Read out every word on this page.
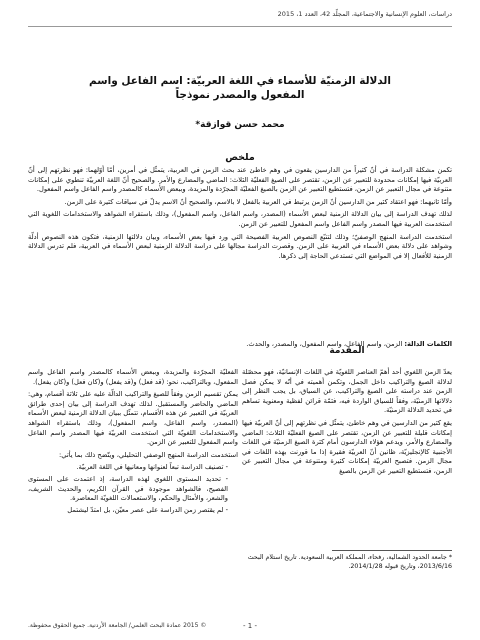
دراسات، العلوم الإنسانية والاجتماعية، المجلّد 42، العدد 1، 2015
الدلالة الزمنيّة للأسماء في اللغة العربيّة: اسم الفاعل واسم المفعول والمصدر نموذجاً
محمد حسن قوازقة*
ملخص

تكمن مشكلة الدراسة في أنّ كثيراً من الدارسين يقعون في وهم خاطئ عند بحث الزمن في العربية، يتمثّل في أمرين، أمّا أوّلهما: فهو نظرتهم إلى أنّ العربيّة فيها إمكانات محدودة للتعبير عن الزمن، تقتصر على الصيغ الفعليّة الثلاث: الماضي والمضارع والأمر. والصحيح أنّ اللغة العربيّة تنطوي على إمكانات متنوعة في مجال التعبير عن الزمن، فتستطيع التعبير عن الزمن بالصيغ الفعليّة المجرّدة والمزيدة، وببعض الأسماء كالمصدر واسم الفاعل واسم المفعول.

وأمّا ثانيهما: فهو اعتقاد كثير من الدارسين أنّ الزمن يرتبط في العربية بالفعل لا بالاسم، والصحيح أنّ الاسم يدلّ في سياقات كثيرة على الزمن.

لذلك تهدف الدراسة إلى بيان الدلالة الزمنية لبعض الأسماء (المصدر، واسم الفاعل، واسم المفعول)، وذلك باستقراء الشواهد والاستخدامات اللغوية التي استخدمت العربية فيها المصدر واسم الفاعل واسم المفعول للتعبير عن الزمن.

استخدمت الدراسة المنهج الوصفيّ؛ وذلك لتتبّع النصوص العربية الفصيحة التي ورد فيها بعض الأسماء، وبيان دلالتها الزمنية، فتكون هذه النصوص أدلّة وشواهد على دلالة بعض الأسماء في العربية على الزمن. وقصرت الدراسة مجالها على دراسة الدلالة الزمنية لبعض الأسماء في العربية، فلم تدرس الدلالة الزمنية للأفعال إلا في المواضع التي تستدعي الحاجة إلى ذكرها.

الكلمات الدالة: الزمن، واسم الفاعل، واسم المفعول، والمصدر، والحدث.
المقدمة

يعدّ الزمن اللغوي أحد أهمّ العناصر اللغويّة في اللغات الإنسانيّة، فهو محصّلة لدلالة الصيغ والتراكيب داخل الجمل، وتكمن أهميته في أنّه لا يمكن فصل الزمن عند دراسته على الصيغ والتراكيب، عن السياق، بل يجب النظر إلى دلالاتها الزمنيّة، وفقاً للسياق الواردة فيه، فثمّة قرائن لفظية ومعنوية تساهم في تحديد الدلالة الزمنيّة.

يقع كثير من الدارسين في وهم خاطئ، يتمثّل في نظرتهم إلى أنّ العربيّة فيها إمكانات قليلة للتعبير عن الزمن، تقتصر على الصيغ الفعليّة الثلاث: الماضي والمضارع والأمر، ويدعم هؤلاء الدارسون أمام كثرة الصيغ الزمنيّة في اللغات الأجنبية كالإنجليزيّة، ظانين أنّ العربيّة فقيرة إذا ما قورنت بهذه اللغات في مجال الزمن. فتصبح العربيّة إمكانات كثيرة ومتنوعة في مجال التعبير عن الزمن، فتستطيع التعبير عن الزمن بالصيغ

الفعليّة المجرّدة والمزيدة، وببعض الأسماء كالمصدر واسم الفاعل واسم المفعول، وبالتراكيب، نحو: (قد فعل) و(قد يفعل) و(كان فعل) و(كان يفعل).

يمكن تقسيم الزمن وفقاً للصيغ والتراكيب الدالّة عليه على ثلاثة أقسام، وهي: الماضي والحاضر والمستقبل. لذلك تهدف الدراسة إلى بيان إحدى طرائق العربيّة في التعبير عن هذه الأقسام، تتمثّل ببيان الدلالة الزمنية لبعض الأسماء (المصدر، واسم الفاعل، واسم المفعول)، وذلك باستقراء الشواهد والاستخدامات اللغويّة التي استخدمت العربيّة فيها المصدر واسم الفاعل واسم المفعول للتعبير عن الزمن.

استخدمت الدراسة المنهج الوصفي التحليلي، ويتّضح ذلك بما يأتي:

- تصنيف الدراسة تبعاً لعنوانها ومعانيها في اللغة العربيّة.
- تحديد المستوى اللغوي لهذه الدراسة، إذ اعتمدت على المستوى الفصيح، فالشواهد موجودة في القرآن الكريم، والحديث الشريف، والشعر، والأمثال والحكم، والاستعمالات اللغويّة المعاصرة.
- لم يقتصر زمن الدراسة على عصر معيّن، بل امتدّ ليشتمل
* جامعة الحدود الشمالية، رفحاء، المملكة العربية السعودية. تاريخ استلام البحث 2013/6/16، وتاريخ قبوله 2014/1/28.
© 2015 عمادة البحث العلمي/ الجامعة الأردنية. جميع الحقوق محفوظة.	- 1 -
